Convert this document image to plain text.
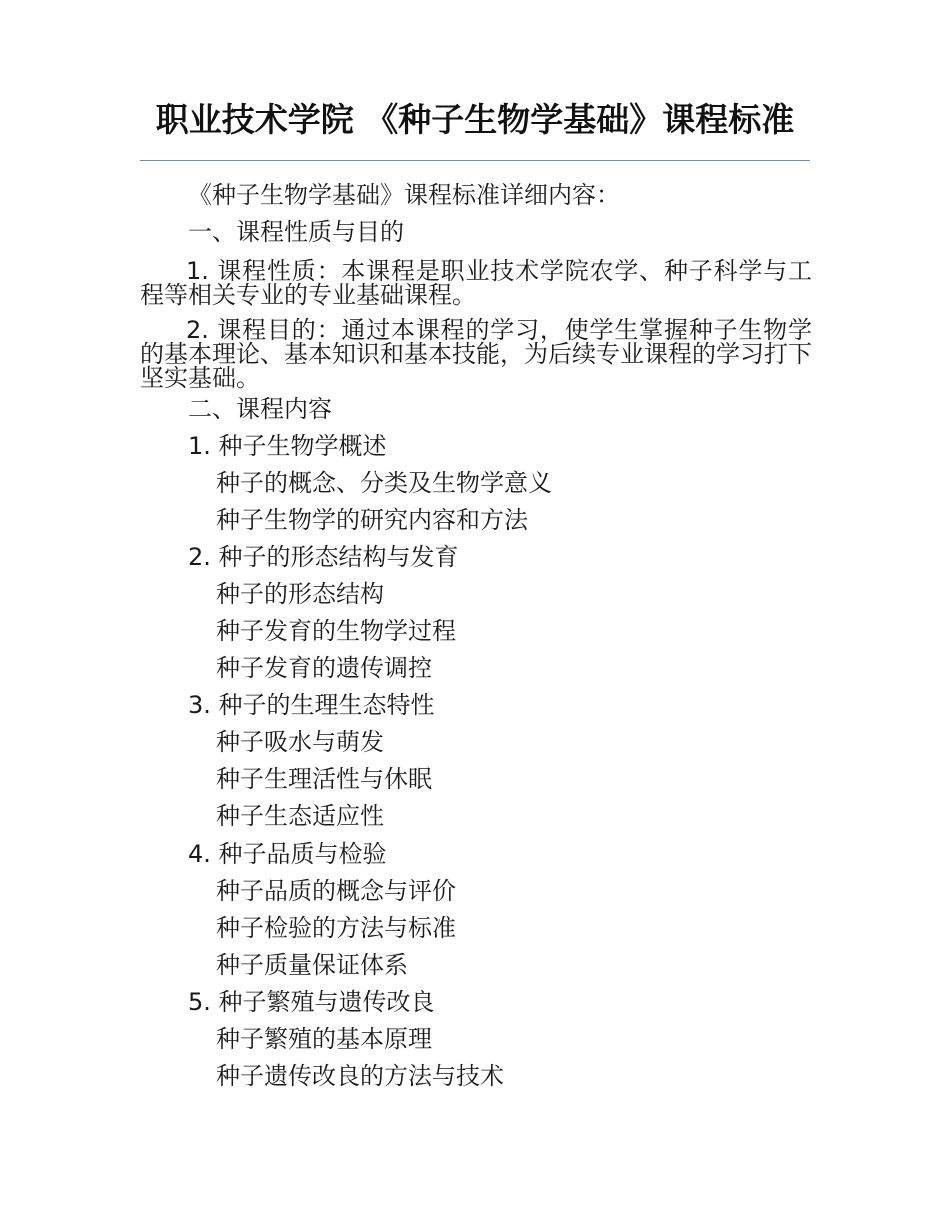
职业技术学院 《种子生物学基础》课程标准
《种子生物学基础》课程标准详细内容：
一、课程性质与目的
1. 课程性质：本课程是职业技术学院农学、种子科学与工程等相关专业的专业基础课程。
2. 课程目的：通过本课程的学习，使学生掌握种子生物学的基本理论、基本知识和基本技能，为后续专业课程的学习打下坚实基础。
二、课程内容
1. 种子生物学概述
种子的概念、分类及生物学意义
种子生物学的研究内容和方法
2. 种子的形态结构与发育
种子的形态结构
种子发育的生物学过程
种子发育的遗传调控
3. 种子的生理生态特性
种子吸水与萌发
种子生理活性与休眠
种子生态适应性
4. 种子品质与检验
种子品质的概念与评价
种子检验的方法与标准
种子质量保证体系
5. 种子繁殖与遗传改良
种子繁殖的基本原理
种子遗传改良的方法与技术
